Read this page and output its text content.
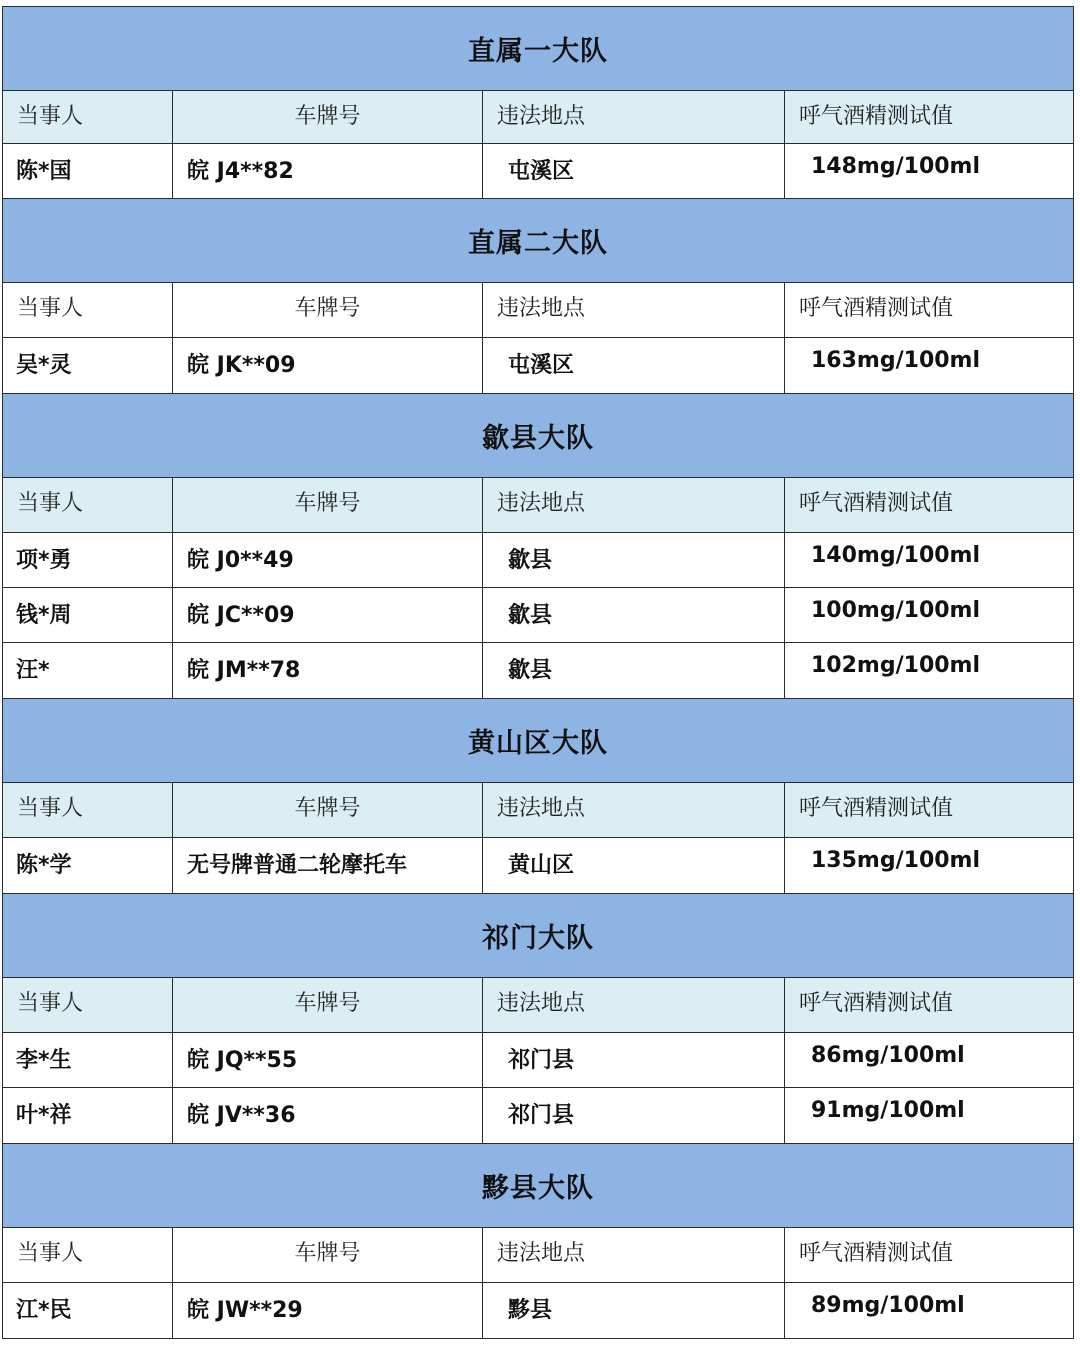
直属一大队			
当事人	车牌号	违法地点	呼气酒精测试值
陈*国	皖 J4**82	屯溪区	148mg/100ml
直属二大队			
当事人	车牌号	违法地点	呼气酒精测试值
吴*灵	皖 JK**09	屯溪区	163mg/100ml
歙县大队			
当事人	车牌号	违法地点	呼气酒精测试值
项*勇	皖 J0**49	歙县	140mg/100ml
钱*周	皖 JC**09	歙县	100mg/100ml
汪*	皖 JM**78	歙县	102mg/100ml
黄山区大队			
当事人	车牌号	违法地点	呼气酒精测试值
陈*学	无号牌普通二轮摩托车	黄山区	135mg/100ml
祁门大队			
当事人	车牌号	违法地点	呼气酒精测试值
李*生	皖 JQ**55	祁门县	86mg/100ml
叶*祥	皖 JV**36	祁门县	91mg/100ml
黟县大队			
当事人	车牌号	违法地点	呼气酒精测试值
江*民	皖 JW**29	黟县	89mg/100ml
